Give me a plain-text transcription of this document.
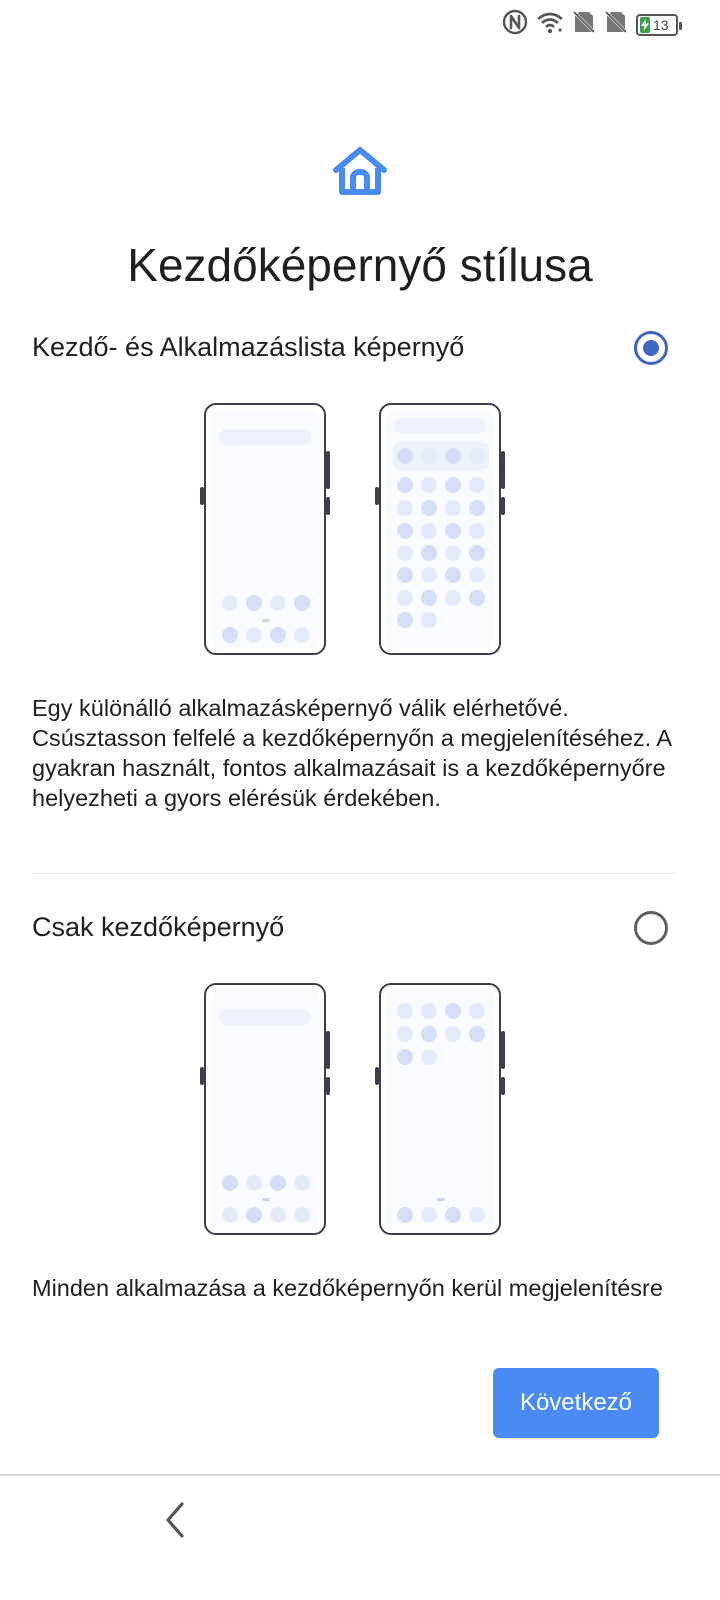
13
Kezdőképernyő stílusa
Kezdő- és Alkalmazáslista képernyő
Egy különálló alkalmazásképernyő válik elérhetővé. Csúsztasson felfelé a kezdőképernyőn a megjelenítéséhez. A gyakran használt, fontos alkalmazásait is a kezdőképernyőre helyezheti a gyors elérésük érdekében.
Csak kezdőképernyő
Minden alkalmazása a kezdőképernyőn kerül megjelenítésre
Következő
